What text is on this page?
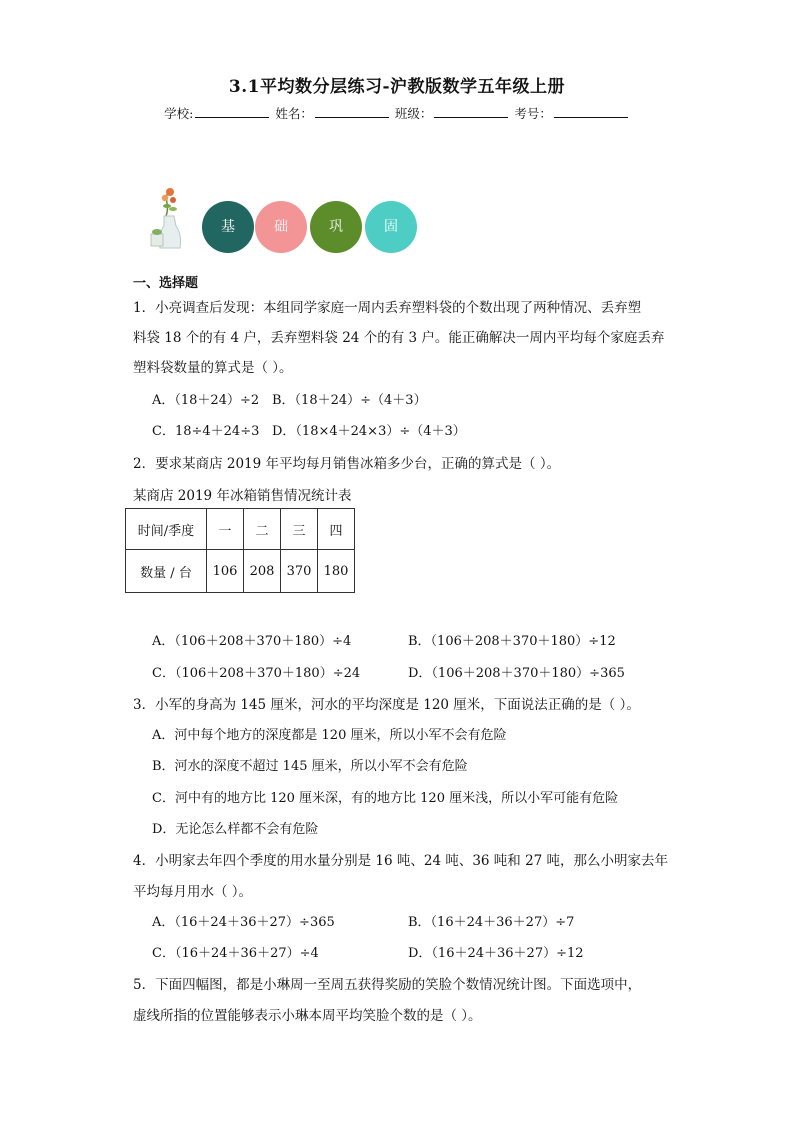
3.1平均数分层练习-沪教版数学五年级上册
学校:	姓名：	班级：	考号：
基	础	巩	固
一、选择题
1．小亮调查后发现：本组同学家庭一周内丢弃塑料袋的个数出现了两种情况、丢弃塑
料袋 18 个的有 4 户，丢弃塑料袋 24 个的有 3 户。能正确解决一周内平均每个家庭丢弃
塑料袋数量的算式是（ ）。
A．（18＋24）÷2 B．（18＋24）÷（4＋3）
C．18÷4＋24÷3 D．（18×4＋24×3）÷（4＋3）
2．要求某商店 2019 年平均每月销售冰箱多少台，正确的算式是（ ）。
某商店 2019 年冰箱销售情况统计表
时间/季度	一	二	三	四
数量 / 台	106	208	370	180
A．（106＋208＋370＋180）÷4	B．（106＋208＋370＋180）÷12
C．（106＋208＋370＋180）÷24	D．（106＋208＋370＋180）÷365
3．小军的身高为 145 厘米，河水的平均深度是 120 厘米，下面说法正确的是（ ）。
A．河中每个地方的深度都是 120 厘米，所以小军不会有危险
B．河水的深度不超过 145 厘米，所以小军不会有危险
C．河中有的地方比 120 厘米深，有的地方比 120 厘米浅，所以小军可能有危险
D．无论怎么样都不会有危险
4．小明家去年四个季度的用水量分别是 16 吨、24 吨、36 吨和 27 吨，那么小明家去年
平均每月用水（ ）。
A．（16＋24＋36＋27）÷365	B．（16＋24＋36＋27）÷7
C．（16＋24＋36＋27）÷4	D．（16＋24＋36＋27）÷12
5．下面四幅图，都是小琳周一至周五获得奖励的笑脸个数情况统计图。下面选项中，
虚线所指的位置能够表示小琳本周平均笑脸个数的是（ ）。
